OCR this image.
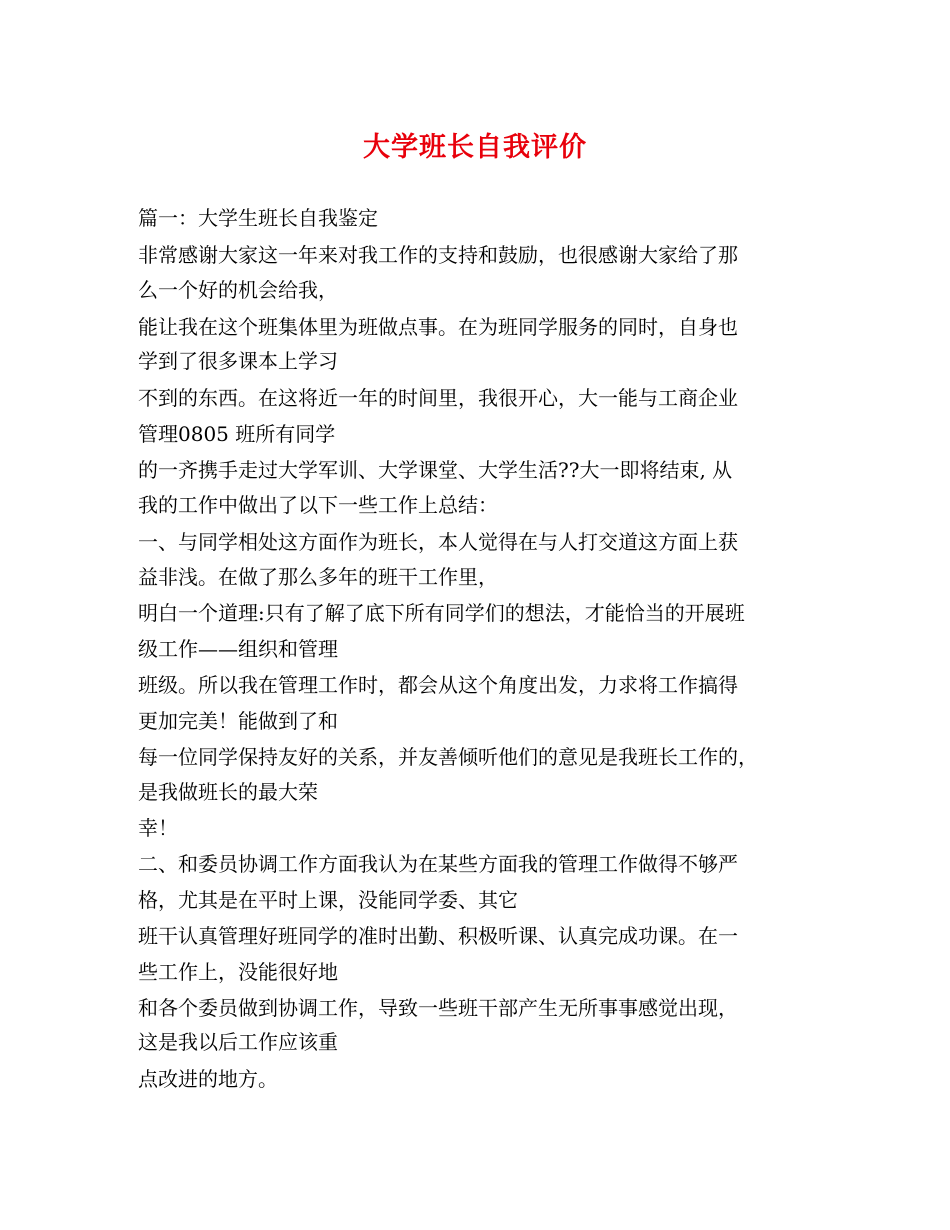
大学班长自我评价
篇一：大学生班长自我鉴定
非常感谢大家这一年来对我工作的支持和鼓励，也很感谢大家给了那
么一个好的机会给我，
能让我在这个班集体里为班做点事。在为班同学服务的同时，自身也
学到了很多课本上学习
不到的东西。在这将近一年的时间里，我很开心，大一能与工商企业
管理0805 班所有同学
的一齐携手走过大学军训、大学课堂、大学生活??大一即将结束, 从
我的工作中做出了以下一些工作上总结：
一、与同学相处这方面作为班长，本人觉得在与人打交道这方面上获
益非浅。在做了那么多年的班干工作里，
明白一个道理:只有了解了底下所有同学们的想法，才能恰当的开展班
级工作——组织和管理
班级。所以我在管理工作时，都会从这个角度出发，力求将工作搞得
更加完美！能做到了和
每一位同学保持友好的关系，并友善倾听他们的意见是我班长工作的，
是我做班长的最大荣
幸！
二、和委员协调工作方面我认为在某些方面我的管理工作做得不够严
格，尤其是在平时上课，没能同学委、其它
班干认真管理好班同学的准时出勤、积极听课、认真完成功课。在一
些工作上，没能很好地
和各个委员做到协调工作，导致一些班干部产生无所事事感觉出现，
这是我以后工作应该重
点改进的地方。
